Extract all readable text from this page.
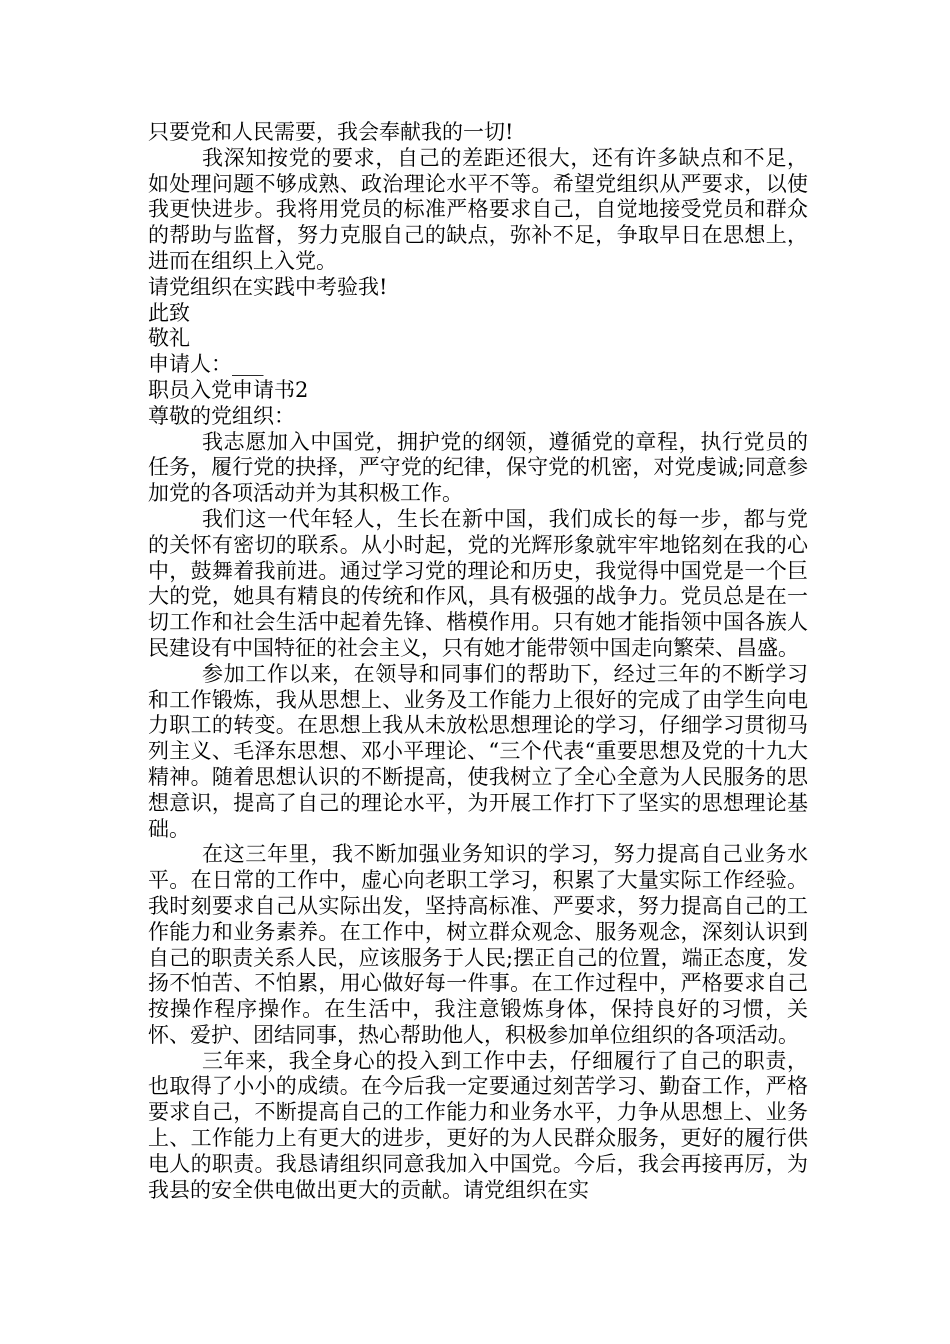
只要党和人民需要，我会奉献我的一切!

我深知按党的要求，自己的差距还很大，还有许多缺点和不足，如处理问题不够成熟、政治理论水平不等。希望党组织从严要求，以使我更快进步。我将用党员的标准严格要求自己，自觉地接受党员和群众的帮助与监督，努力克服自己的缺点，弥补不足，争取早日在思想上，进而在组织上入党。

请党组织在实践中考验我!

此致

敬礼

申请人：___

职员入党申请书2

尊敬的党组织：

我志愿加入中国党，拥护党的纲领，遵循党的章程，执行党员的任务，履行党的抉择，严守党的纪律，保守党的机密，对党虔诚;同意参加党的各项活动并为其积极工作。

我们这一代年轻人，生长在新中国，我们成长的每一步，都与党的关怀有密切的联系。从小时起，党的光辉形象就牢牢地铭刻在我的心中，鼓舞着我前进。通过学习党的理论和历史，我觉得中国党是一个巨大的党，她具有精良的传统和作风，具有极强的战争力。党员总是在一切工作和社会生活中起着先锋、楷模作用。只有她才能指领中国各族人民建设有中国特征的社会主义，只有她才能带领中国走向繁荣、昌盛。

参加工作以来，在领导和同事们的帮助下，经过三年的不断学习和工作锻炼，我从思想上、业务及工作能力上很好的完成了由学生向电力职工的转变。在思想上我从未放松思想理论的学习，仔细学习贯彻马列主义、毛泽东思想、邓小平理论、“三个代表“重要思想及党的十九大精神。随着思想认识的不断提高，使我树立了全心全意为人民服务的思想意识，提高了自己的理论水平，为开展工作打下了坚实的思想理论基础。

在这三年里，我不断加强业务知识的学习，努力提高自己业务水平。在日常的工作中，虚心向老职工学习，积累了大量实际工作经验。我时刻要求自己从实际出发，坚持高标准、严要求，努力提高自己的工作能力和业务素养。在工作中，树立群众观念、服务观念，深刻认识到自己的职责关系人民，应该服务于人民;摆正自己的位置，端正态度，发扬不怕苦、不怕累，用心做好每一件事。在工作过程中，严格要求自己按操作程序操作。在生活中，我注意锻炼身体，保持良好的习惯，关怀、爱护、团结同事，热心帮助他人，积极参加单位组织的各项活动。

三年来，我全身心的投入到工作中去，仔细履行了自己的职责，也取得了小小的成绩。在今后我一定要通过刻苦学习、勤奋工作，严格要求自己，不断提高自己的工作能力和业务水平，力争从思想上、业务上、工作能力上有更大的进步，更好的为人民群众服务，更好的履行供电人的职责。我恳请组织同意我加入中国党。今后，我会再接再厉，为我县的安全供电做出更大的贡献。请党组织在实
